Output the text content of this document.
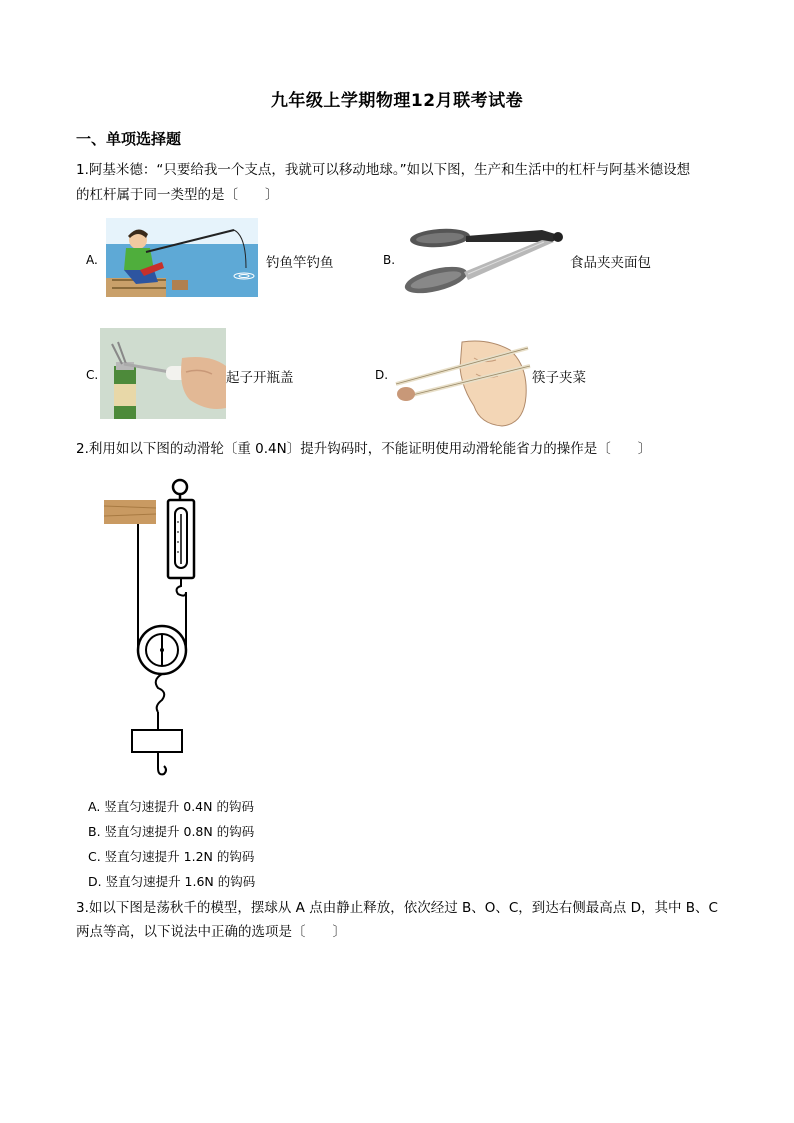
九年级上学期物理12月联考试卷
一、单项选择题
1.阿基米德：“只要给我一个支点，我就可以移动地球。”如以下图，生产和生活中的杠杆与阿基米德设想
的杠杆属于同一类型的是〔　　〕
A.	钓鱼竿钓鱼	B.	食品夹夹面包
C.	起子开瓶盖	D.	筷子夹菜
2.利用如以下图的动滑轮〔重 0.4N〕提升钩码时，不能证明使用动滑轮能省力的操作是〔　　〕
A. 竖直匀速提升 0.4N 的钩码
B. 竖直匀速提升 0.8N 的钩码
C. 竖直匀速提升 1.2N 的钩码
D. 竖直匀速提升 1.6N 的钩码
3.如以下图是荡秋千的模型，摆球从 A 点由静止释放，依次经过 B、O、C，到达右侧最高点 D，其中 B、C
两点等高，以下说法中正确的选项是〔　　〕
